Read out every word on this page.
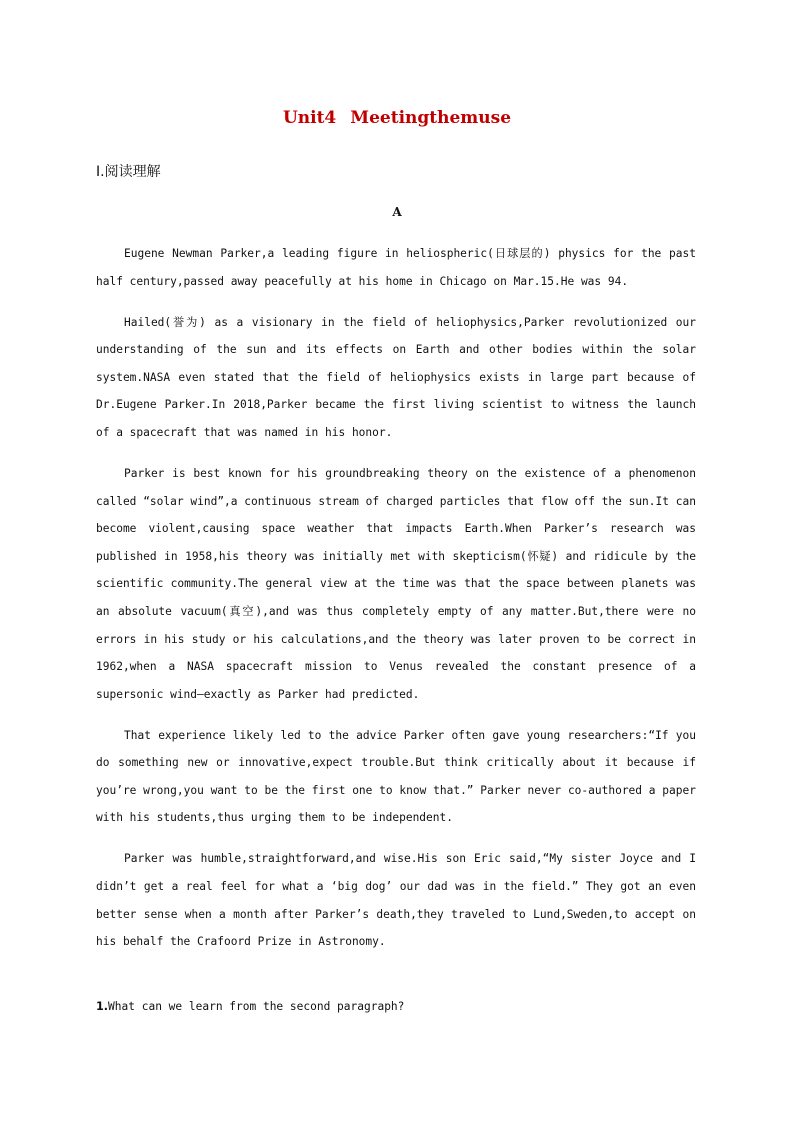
Unit4 Meetingthemuse
Ⅰ.阅读理解
A

Eugene Newman Parker,a leading figure in heliospheric(日球层的) physics for the past half century,passed away peacefully at his home in Chicago on Mar.15.He was 94.

Hailed(誉为) as a visionary in the field of heliophysics,Parker revolutionized our understanding of the sun and its effects on Earth and other bodies within the solar system.NASA even stated that the field of heliophysics exists in large part because of Dr.Eugene Parker.In 2018,Parker became the first living scientist to witness the launch of a spacecraft that was named in his honor.

Parker is best known for his groundbreaking theory on the existence of a phenomenon called “solar wind”,a continuous stream of charged particles that flow off the sun.It can become violent,causing space weather that impacts Earth.When Parker’s research was published in 1958,his theory was initially met with skepticism(怀疑) and ridicule by the scientific community.The general view at the time was that the space between planets was an absolute vacuum(真空),and was thus completely empty of any matter.But,there were no errors in his study or his calculations,and the theory was later proven to be correct in 1962,when a NASA spacecraft mission to Venus revealed the constant presence of a supersonic wind—exactly as Parker had predicted.

That experience likely led to the advice Parker often gave young researchers:“If you do something new or innovative,expect trouble.But think critically about it because if you’re wrong,you want to be the first one to know that.” Parker never co-authored a paper with his students,thus urging them to be independent.

Parker was humble,straightforward,and wise.His son Eric said,“My sister Joyce and I didn’t get a real feel for what a ‘big dog’ our dad was in the field.” They got an even better sense when a month after Parker’s death,they traveled to Lund,Sweden,to accept on his behalf the Crafoord Prize in Astronomy.

1.What can we learn from the second paragraph?
